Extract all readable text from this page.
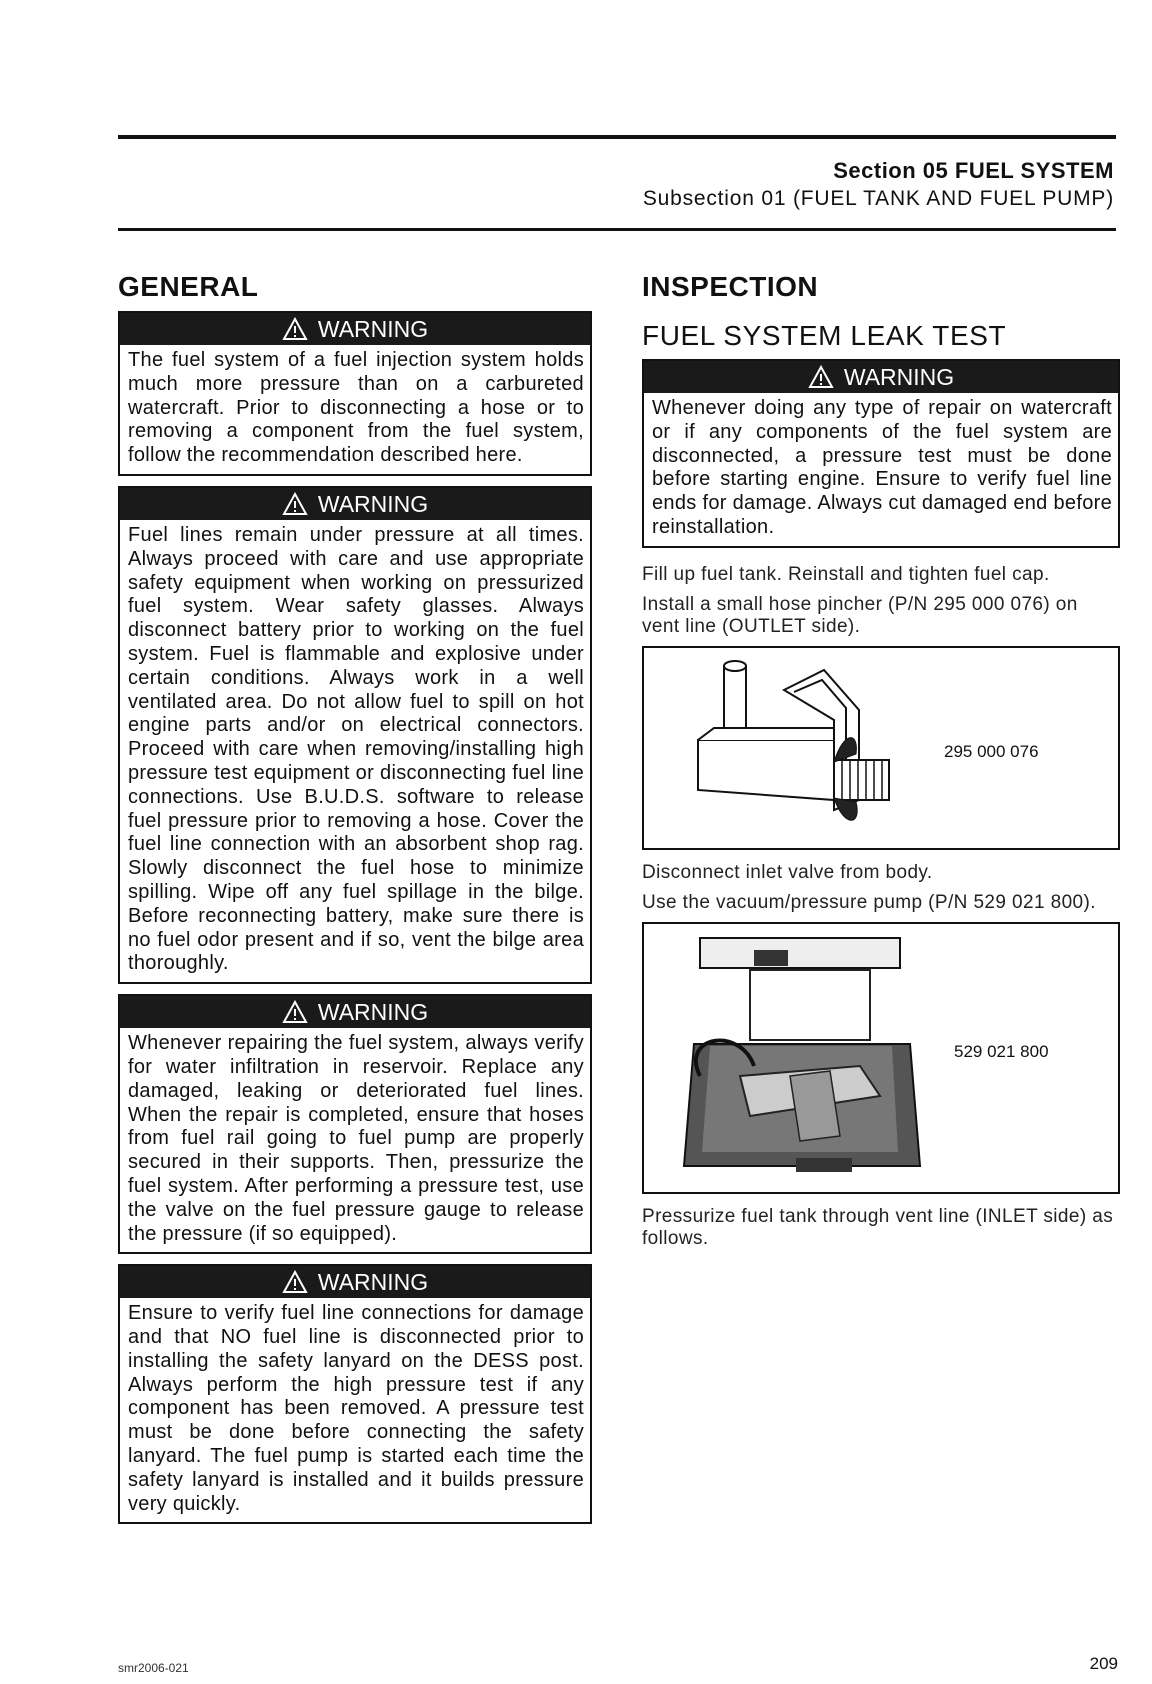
Section 05 FUEL SYSTEM
Subsection 01 (FUEL TANK AND FUEL PUMP)
GENERAL
WARNING
The fuel system of a fuel injection system holds much more pressure than on a carbureted watercraft. Prior to disconnecting a hose or to removing a component from the fuel system, follow the recommendation described here.
WARNING
Fuel lines remain under pressure at all times. Always proceed with care and use appropriate safety equipment when working on pressurized fuel system. Wear safety glasses. Always disconnect battery prior to working on the fuel system. Fuel is flammable and explosive under certain conditions. Always work in a well ventilated area. Do not allow fuel to spill on hot engine parts and/or on electrical connectors. Proceed with care when removing/installing high pressure test equipment or disconnecting fuel line connections. Use B.U.D.S. software to release fuel pressure prior to removing a hose. Cover the fuel line connection with an absorbent shop rag. Slowly disconnect the fuel hose to minimize spilling. Wipe off any fuel spillage in the bilge. Before reconnecting battery, make sure there is no fuel odor present and if so, vent the bilge area thoroughly.
WARNING
Whenever repairing the fuel system, always verify for water infiltration in reservoir. Replace any damaged, leaking or deteriorated fuel lines. When the repair is completed, ensure that hoses from fuel rail going to fuel pump are properly secured in their supports. Then, pressurize the fuel system. After performing a pressure test, use the valve on the fuel pressure gauge to release the pressure (if so equipped).
WARNING
Ensure to verify fuel line connections for damage and that NO fuel line is disconnected prior to installing the safety lanyard on the DESS post. Always perform the high pressure test if any component has been removed. A pressure test must be done before connecting the safety lanyard. The fuel pump is started each time the safety lanyard is installed and it builds pressure very quickly.
INSPECTION
FUEL SYSTEM LEAK TEST
WARNING
Whenever doing any type of repair on watercraft or if any components of the fuel system are disconnected, a pressure test must be done before starting engine. Ensure to verify fuel line ends for damage. Always cut damaged end before reinstallation.

Fill up fuel tank. Reinstall and tighten fuel cap.

Install a small hose pincher (P/N 295 000 076) on vent line (OUTLET side).

295 000 076

Disconnect inlet valve from body.

Use the vacuum/pressure pump (P/N 529 021 800).

529 021 800

Pressurize fuel tank through vent line (INLET side) as follows.

smr2006-021	209
